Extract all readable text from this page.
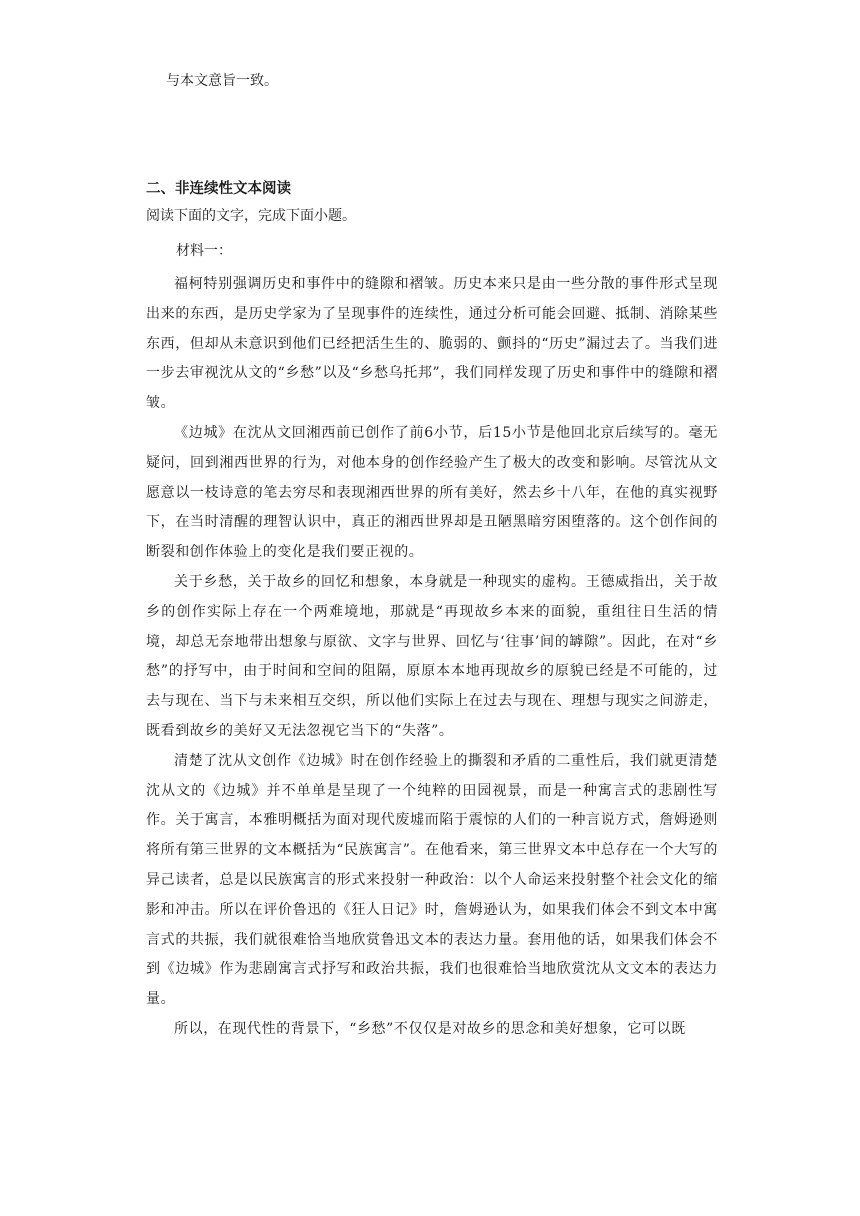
与本文意旨一致。

二、非连续性文本阅读

阅读下面的文字，完成下面小题。

材料一：

福柯特别强调历史和事件中的缝隙和褶皱。历史本来只是由一些分散的事件形式呈现出来的东西，是历史学家为了呈现事件的连续性，通过分析可能会回避、抵制、消除某些东西，但却从未意识到他们已经把活生生的、脆弱的、颤抖的“历史”漏过去了。当我们进一步去审视沈从文的“乡愁”以及“乡愁乌托邦”，我们同样发现了历史和事件中的缝隙和褶皱。

《边城》在沈从文回湘西前已创作了前6小节，后15小节是他回北京后续写的。毫无疑问，回到湘西世界的行为，对他本身的创作经验产生了极大的改变和影响。尽管沈从文愿意以一枝诗意的笔去穷尽和表现湘西世界的所有美好，然去乡十八年，在他的真实视野下，在当时清醒的理智认识中，真正的湘西世界却是丑陋黑暗穷困堕落的。这个创作间的断裂和创作体验上的变化是我们要正视的。

关于乡愁，关于故乡的回忆和想象，本身就是一种现实的虚构。王德威指出，关于故乡的创作实际上存在一个两难境地，那就是“再现故乡本来的面貌，重组往日生活的情境，却总无奈地带出想象与原欲、文字与世界、回忆与‘往事’间的罅隙”。因此，在对“乡愁”的抒写中，由于时间和空间的阻隔，原原本本地再现故乡的原貌已经是不可能的，过去与现在、当下与未来相互交织，所以他们实际上在过去与现在、理想与现实之间游走，既看到故乡的美好又无法忽视它当下的“失落”。

清楚了沈从文创作《边城》时在创作经验上的撕裂和矛盾的二重性后，我们就更清楚沈从文的《边城》并不单单是呈现了一个纯粹的田园视景，而是一种寓言式的悲剧性写作。关于寓言，本雅明概括为面对现代废墟而陷于震惊的人们的一种言说方式，詹姆逊则将所有第三世界的文本概括为“民族寓言”。在他看来，第三世界文本中总存在一个大写的异己读者，总是以民族寓言的形式来投射一种政治：以个人命运来投射整个社会文化的缩影和冲击。所以在评价鲁迅的《狂人日记》时，詹姆逊认为，如果我们体会不到文本中寓言式的共振，我们就很难恰当地欣赏鲁迅文本的表达力量。套用他的话，如果我们体会不到《边城》作为悲剧寓言式抒写和政治共振，我们也很难恰当地欣赏沈从文文本的表达力量。

所以，在现代性的背景下，“乡愁”不仅仅是对故乡的思念和美好想象，它可以既
